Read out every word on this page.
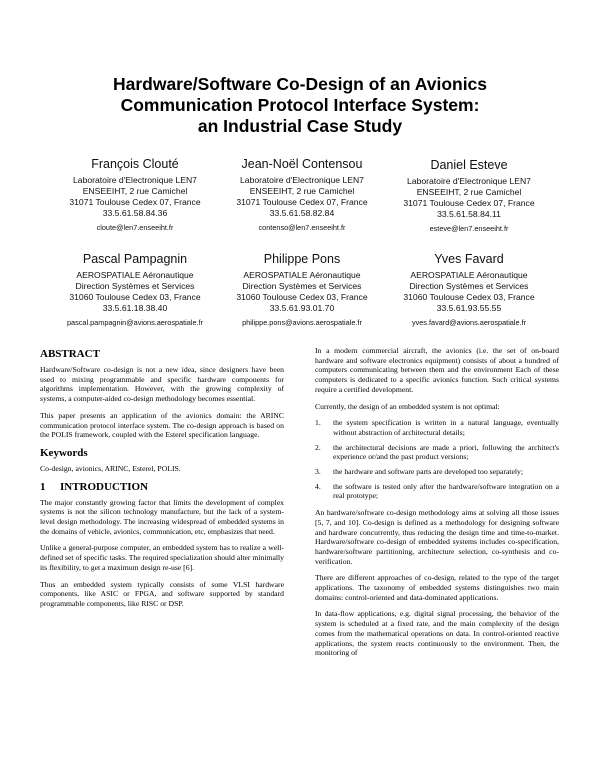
Hardware/Software Co-Design of an Avionics
Communication Protocol Interface System:
an Industrial Case Study
François Clouté
Laboratoire d'Electronique LEN7
ENSEEIHT, 2 rue Camichel
31071 Toulouse Cedex 07, France
33.5.61.58.84.36
cloute@len7.enseeiht.fr
Jean-Noël Contensou
Laboratoire d'Electronique LEN7
ENSEEIHT, 2 rue Camichel
31071 Toulouse Cedex 07, France
33.5.61.58.82.84
contenso@len7.enseeiht.fr
Daniel Esteve
Laboratoire d'Electronique LEN7
ENSEEIHT, 2 rue Camichel
31071 Toulouse Cedex 07, France
33.5.61.58.84.11
esteve@len7.enseeiht.fr
Pascal Pampagnin
AEROSPATIALE Aéronautique
Direction Systèmes et Services
31060 Toulouse Cedex 03, France
33.5.61.18.38.40
pascal.pampagnin@avions.aerospatiale.fr
Philippe Pons
AEROSPATIALE Aéronautique
Direction Systèmes et Services
31060 Toulouse Cedex 03, France
33.5.61.93.01.70
philippe.pons@avions.aerospatiale.fr
Yves Favard
AEROSPATIALE Aéronautique
Direction Systèmes et Services
31060 Toulouse Cedex 03, France
33.5.61.93.55.55
yves.favard@avions.aerospatiale.fr
ABSTRACT

Hardware/Software co-design is not a new idea, since designers have been used to mixing programmable and specific hardware components for algorithms implementation. However, with the growing complexity of systems, a computer-aided co-design methodology becomes essential.

This paper presents an application of the avionics domain: the ARINC communication protocol interface system. The co-design approach is based on the POLIS framework, coupled with the Esterel specification language.

Keywords

Co-design, avionics, ARINC, Esterel, POLIS.

1 INTRODUCTION

The major constantly growing factor that limits the development of complex systems is not the silicon technology manufacture, but the lack of a system-level design methodology. The increasing widespread of embedded systems in the domains of vehicle, avionics, communication, etc, emphasizes that need.

Unlike a general-purpose computer, an embedded system has to realize a well-defined set of specific tasks. The required specialization should alter minimally its flexibility, to get a maximum design re-use [6].

Thus an embedded system typically consists of some VLSI hardware components, like ASIC or FPGA, and software supported by standard programmable components, like RISC or DSP.

In a modern commercial aircraft, the avionics (i.e. the set of on-board hardware and software electronics equipment) consists of about a hundred of computers communicating between them and the environment Each of these computers is dedicated to a specific avionics function. Such critical systems require a certified development.

Currently, the design of an embedded system is not optimal:

1. the system specification is written in a natural language, eventually without abstraction of architectural details;
2. the architectural decisions are made a priori, following the architect's experience or/and the past product versions;
3. the hardware and software parts are developed too separately;
4. the software is tested only after the hardware/software integration on a real prototype;

An hardware/software co-design methodology aims at solving all those issues [5, 7, and 10]. Co-design is defined as a methodology for designing software and hardware concurrently, thus reducing the design time and time-to-market. Hardware/software co-design of embedded systems includes co-specification, hardware/software partitioning, architecture selection, co-synthesis and co-verification.

There are different approaches of co-design, related to the type of the target applications. The taxonomy of embedded systems distinguishes two main domains: control-oriented and data-dominated applications.

In data-flow applications, e.g. digital signal processing, the behavior of the system is scheduled at a fixed rate, and the main complexity of the design comes from the mathematical operations on data. In control-oriented reactive applications, the system reacts continuously to the environment. Then, the monitoring of
